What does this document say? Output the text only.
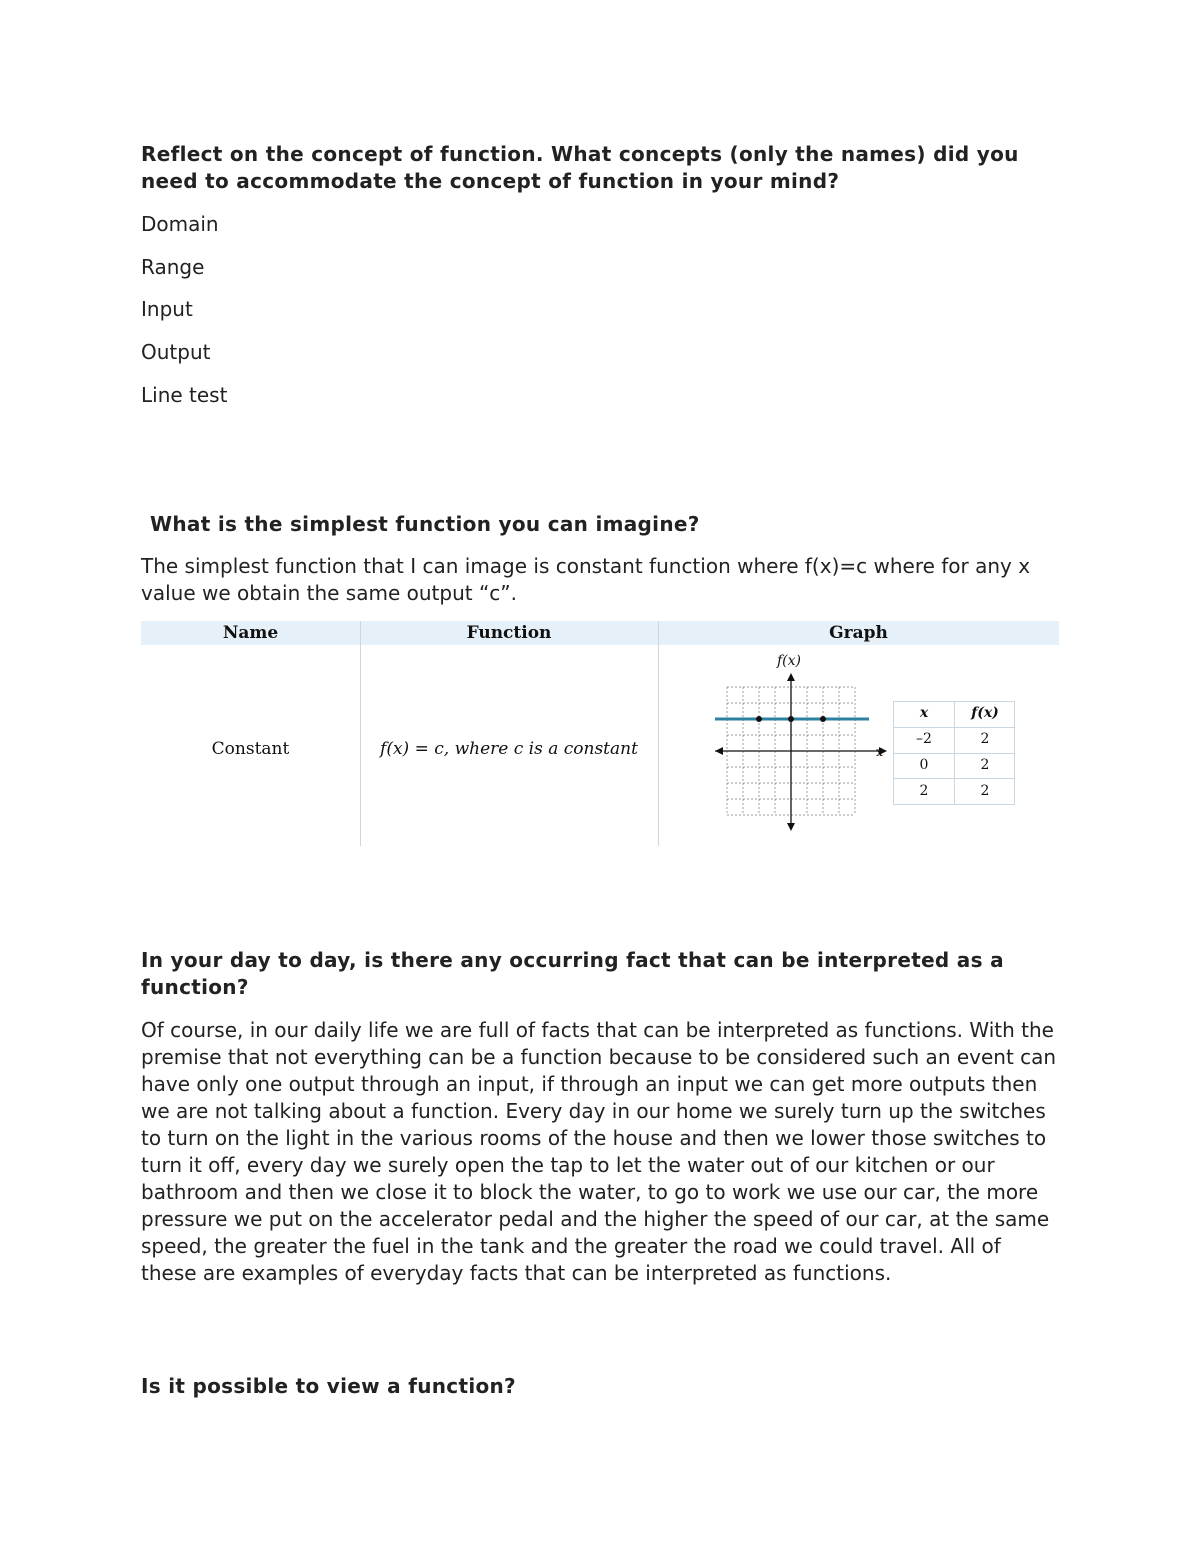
Reflect on the concept of function. What concepts (only the names) did you need to accommodate the concept of function in your mind?
Domain
Range
Input
Output
Line test
What is the simplest function you can imagine?
The simplest function that I can image is constant function where f(x)=c where for any x value we obtain the same output “c”.
Name	Function	Graph
Constant	f(x) = c, where c is a constant
f(x)
x
x	f(x)
–2	2
0	2
2	2
In your day to day, is there any occurring fact that can be interpreted as a function?
Of course, in our daily life we are full of facts that can be interpreted as functions. With the premise that not everything can be a function because to be considered such an event can have only one output through an input, if through an input we can get more outputs then we are not talking about a function. Every day in our home we surely turn up the switches to turn on the light in the various rooms of the house and then we lower those switches to turn it off, every day we surely open the tap to let the water out of our kitchen or our bathroom and then we close it to block the water, to go to work we use our car, the more pressure we put on the accelerator pedal and the higher the speed of our car, at the same speed, the greater the fuel in the tank and the greater the road we could travel. All of these are examples of everyday facts that can be interpreted as functions.
Is it possible to view a function?
